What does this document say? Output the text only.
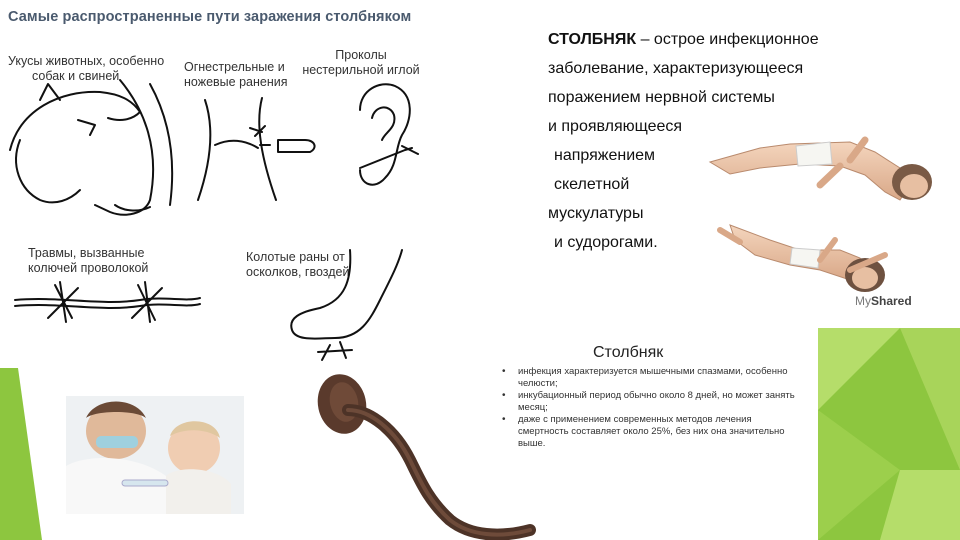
Самые распространенные пути заражения столбняком
Укусы животных, особенно
собак и свиней
Огнестрельные и
ножевые ранения
Проколы
нестерильной иглой
Травмы, вызванные
колючей проволокой
Колотые раны от
осколков, гвоздей
СТОЛБНЯК – острое инфекционное
заболевание, характеризующееся
поражением нервной системы
и проявляющееся
напряжением
скелетной
мускулатуры
и судорогами.
MyShared
Столбняк
• инфекция характеризуется мышечными спазмами, особенно челюсти;
• инкубационный период обычно около 8 дней, но может занять месяц;
• даже с применением современных методов лечения смертность составляет около 25%, без них она значительно выше.
